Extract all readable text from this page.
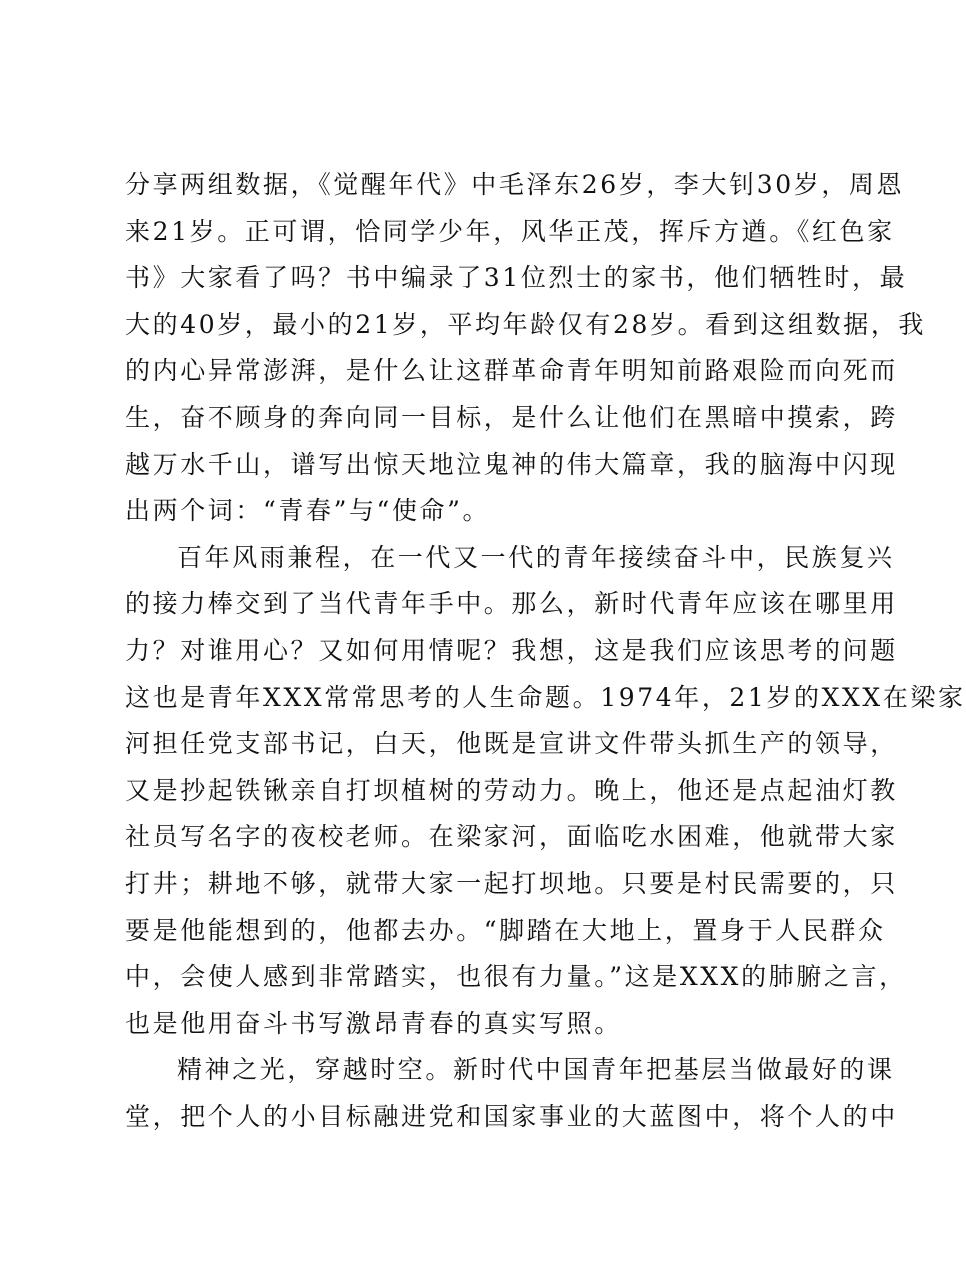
分享两组数据，《觉醒年代》中毛泽东26岁，李大钊30岁，周恩
来21岁。正可谓，恰同学少年，风华正茂，挥斥方遒。《红色家
书》大家看了吗？书中编录了31位烈士的家书，他们牺牲时，最
大的40岁，最小的21岁，平均年龄仅有28岁。看到这组数据，我
的内心异常澎湃，是什么让这群革命青年明知前路艰险而向死而
生，奋不顾身的奔向同一目标，是什么让他们在黑暗中摸索，跨
越万水千山，谱写出惊天地泣鬼神的伟大篇章，我的脑海中闪现
出两个词：“青春”与“使命”。
百年风雨兼程，在一代又一代的青年接续奋斗中，民族复兴
的接力棒交到了当代青年手中。那么，新时代青年应该在哪里用
力？对谁用心？又如何用情呢？我想，这是我们应该思考的问题
这也是青年XXX常常思考的人生命题。1974年，21岁的XXX在梁家
河担任党支部书记，白天，他既是宣讲文件带头抓生产的领导，
又是抄起铁锹亲自打坝植树的劳动力。晚上，他还是点起油灯教
社员写名字的夜校老师。在梁家河，面临吃水困难，他就带大家
打井；耕地不够，就带大家一起打坝地。只要是村民需要的，只
要是他能想到的，他都去办。“脚踏在大地上，置身于人民群众
中，会使人感到非常踏实，也很有力量。”这是XXX的肺腑之言，
也是他用奋斗书写激昂青春的真实写照。
精神之光，穿越时空。新时代中国青年把基层当做最好的课
堂，把个人的小目标融进党和国家事业的大蓝图中，将个人的中
